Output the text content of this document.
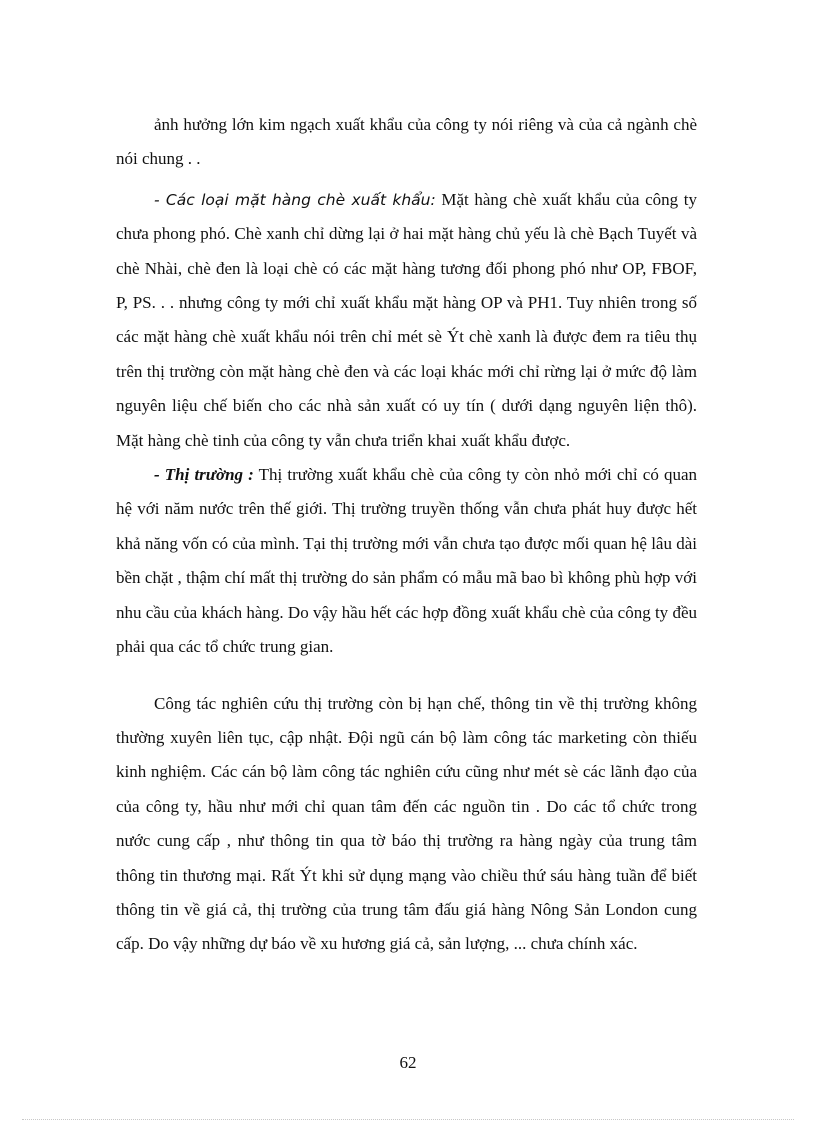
ảnh hưởng lớn kim ngạch xuất khẩu của công ty nói riêng và của cả ngành chè nói chung . .

- Các loại mặt hàng chè xuất khẩu: Mặt hàng chè xuất khẩu của công ty chưa phong phó. Chè xanh chỉ dừng lại ở hai mặt hàng chủ yếu là chè Bạch Tuyết và chè Nhài, chè đen là loại chè có các mặt hàng tương đối phong phó như OP, FBOF, P, PS. . . nhưng công ty mới chỉ xuất khẩu mặt hàng OP và PH1. Tuy nhiên trong số các mặt hàng chè xuất khẩu nói trên chỉ mét sè Ýt chè xanh là được đem ra tiêu thụ trên thị trường còn mặt hàng chè đen và các loại khác mới chỉ rừng lại ở mức độ làm nguyên liệu chế biến cho các nhà sản xuất có uy tín ( dưới dạng nguyên liện thô). Mặt hàng chè tinh của công ty vẫn chưa triển khai xuất khẩu được.

- Thị trường : Thị trường xuất khẩu chè của công ty còn nhỏ mới chỉ có quan hệ với năm nước trên thế giới. Thị trường truyền thống vẫn chưa phát huy được hết khả năng vốn có của mình. Tại thị trường mới vẫn chưa tạo được mối quan hệ lâu dài bền chặt , thậm chí mất thị trường do sản phẩm có mẫu mã bao bì không phù hợp với nhu cầu của khách hàng. Do vậy hầu hết các hợp đồng xuất khẩu chè của công ty đều phải qua các tổ chức trung gian.

Công tác nghiên cứu thị trường còn bị hạn chế, thông tin về thị trường không thường xuyên liên tục, cập nhật. Đội ngũ cán bộ làm công tác marketing còn thiếu kinh nghiệm. Các cán bộ làm công tác nghiên cứu cũng như mét sè các lãnh đạo của của công ty, hầu như mới chỉ quan tâm đến các nguồn tin . Do các tổ chức trong nước cung cấp , như thông tin qua tờ báo thị trường ra hàng ngày của trung tâm thông tin thương mại. Rất Ýt khi sử dụng mạng vào chiều thứ sáu hàng tuần để biết thông tin về giá cả, thị trường của trung tâm đấu giá hàng Nông Sản London cung cấp. Do vậy những dự báo về xu hương giá cả, sản lượng, ... chưa chính xác.

62
